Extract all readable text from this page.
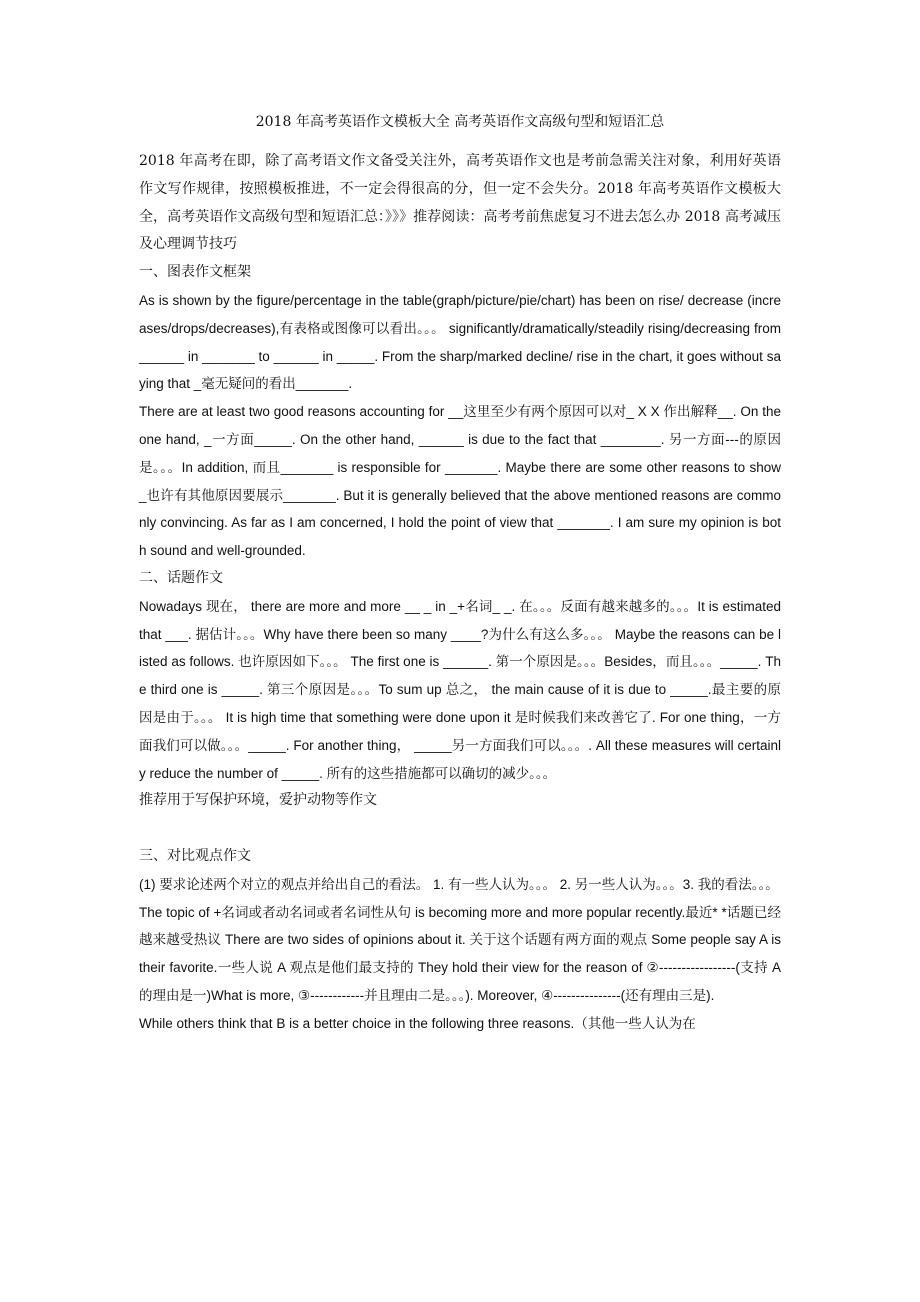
2018 年高考英语作文模板大全 高考英语作文高级句型和短语汇总

2018 年高考在即，除了高考语文作文备受关注外，高考英语作文也是考前急需关注对象，利用好英语作文写作规律，按照模板推进，不一定会得很高的分，但一定不会失分。2018 年高考英语作文模板大全，高考英语作文高级句型和短语汇总：》》》推荐阅读：高考考前焦虑复习不进去怎么办 2018 高考减压及心理调节技巧

一、图表作文框架

As is shown by the figure/percentage in the table(graph/picture/pie/chart) has been on rise/ decrease (increases/drops/decreases),有表格或图像可以看出。。。 significantly/dramatically/steadily rising/decreasing from______ in _______ to ______ in _____. From the sharp/marked decline/ rise in the chart, it goes without saying that _毫无疑问的看出_______.

There are at least two good reasons accounting for __这里至少有两个原因可以对_ X X 作出解释__. On the one hand, _一方面_____. On the other hand, ______ is due to the fact that ________. 另一方面---的原因是。。。In addition, 而且_______ is responsible for _______. Maybe there are some other reasons to show _也许有其他原因要展示_______. But it is generally believed that the above mentioned reasons are commonly convincing. As far as I am concerned, I hold the point of view that _______. I am sure my opinion is both sound and well-grounded.

二、话题作文

Nowadays 现在， there are more and more __ _ in _+名词_ _. 在。。。反面有越来越多的。。。It is estimated that ___. 据估计。。。Why have there been so many ____?为什么有这么多。。。 Maybe the reasons can be listed as follows. 也许原因如下。。。 The first one is ______. 第一个原因是。。。Besides，而且。。。_____. The third one is _____. 第三个原因是。。。To sum up 总之， the main cause of it is due to _____.最主要的原因是由于。。。 It is high time that something were done upon it 是时候我们来改善它了. For one thing，一方面我们可以做。。。_____. For another thing， _____另一方面我们可以。。。. All these measures will certainly reduce the number of _____. 所有的这些措施都可以确切的减少。。。

推荐用于写保护环境，爱护动物等作文

三、对比观点作文

(1) 要求论述两个对立的观点并给出自己的看法。 1. 有一些人认为。。。 2. 另一些人认为。。。3. 我的看法。。。

The topic of +名词或者动名词或者名词性从句 is becoming more and more popular recently.最近* *话题已经越来越受热议 There are two sides of opinions about it. 关于这个话题有两方面的观点 Some people say A is their favorite.一些人说 A 观点是他们最支持的 They hold their view for the reason of ②-----------------(支持 A 的理由是一)What is more, ③------------并且理由二是。。。). Moreover, ④---------------(还有理由三是).

While others think that B is a better choice in the following three reasons.（其他一些人认为在
